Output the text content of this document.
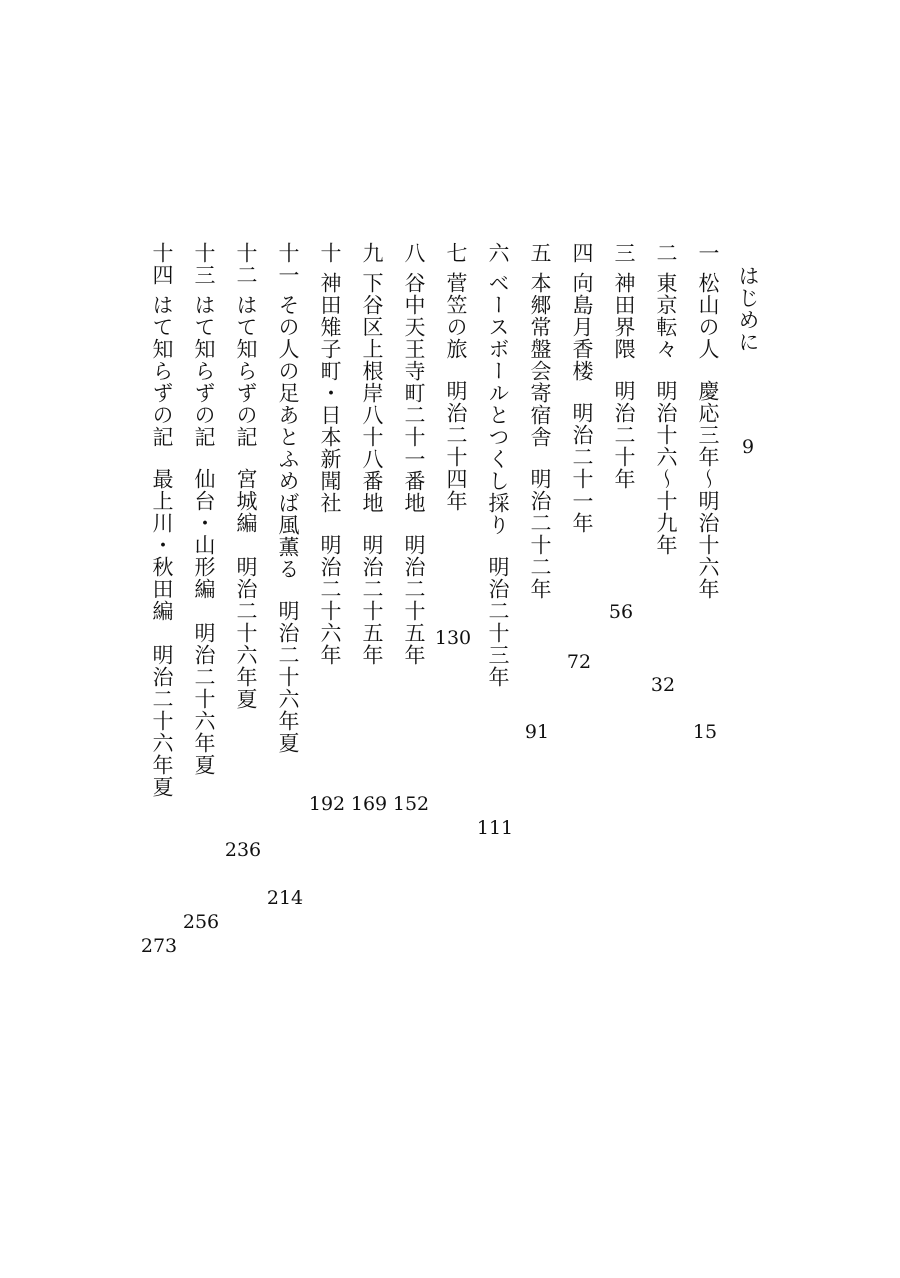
はじめに
9
一松山の人慶応三年〜明治十六年
15
二東京転々明治十六〜十九年
32
三神田界隈明治二十年
56
四向島月香楼明治二十一年
72
五本郷常盤会寄宿舎明治二十二年
91
六ベースボールとつくし採り明治二十三年
111
七菅笠の旅明治二十四年
130
八谷中天王寺町二十一番地明治二十五年
152
九下谷区上根岸八十八番地明治二十五年
169
十神田雉子町・日本新聞社明治二十六年
192
十一その人の足あとふめば風薫る明治二十六年夏
214
十二はて知らずの記宮城編　明治二十六年夏
236
十三はて知らずの記仙台・山形編　明治二十六年夏
256
十四はて知らずの記最上川・秋田編　明治二十六年夏
273
